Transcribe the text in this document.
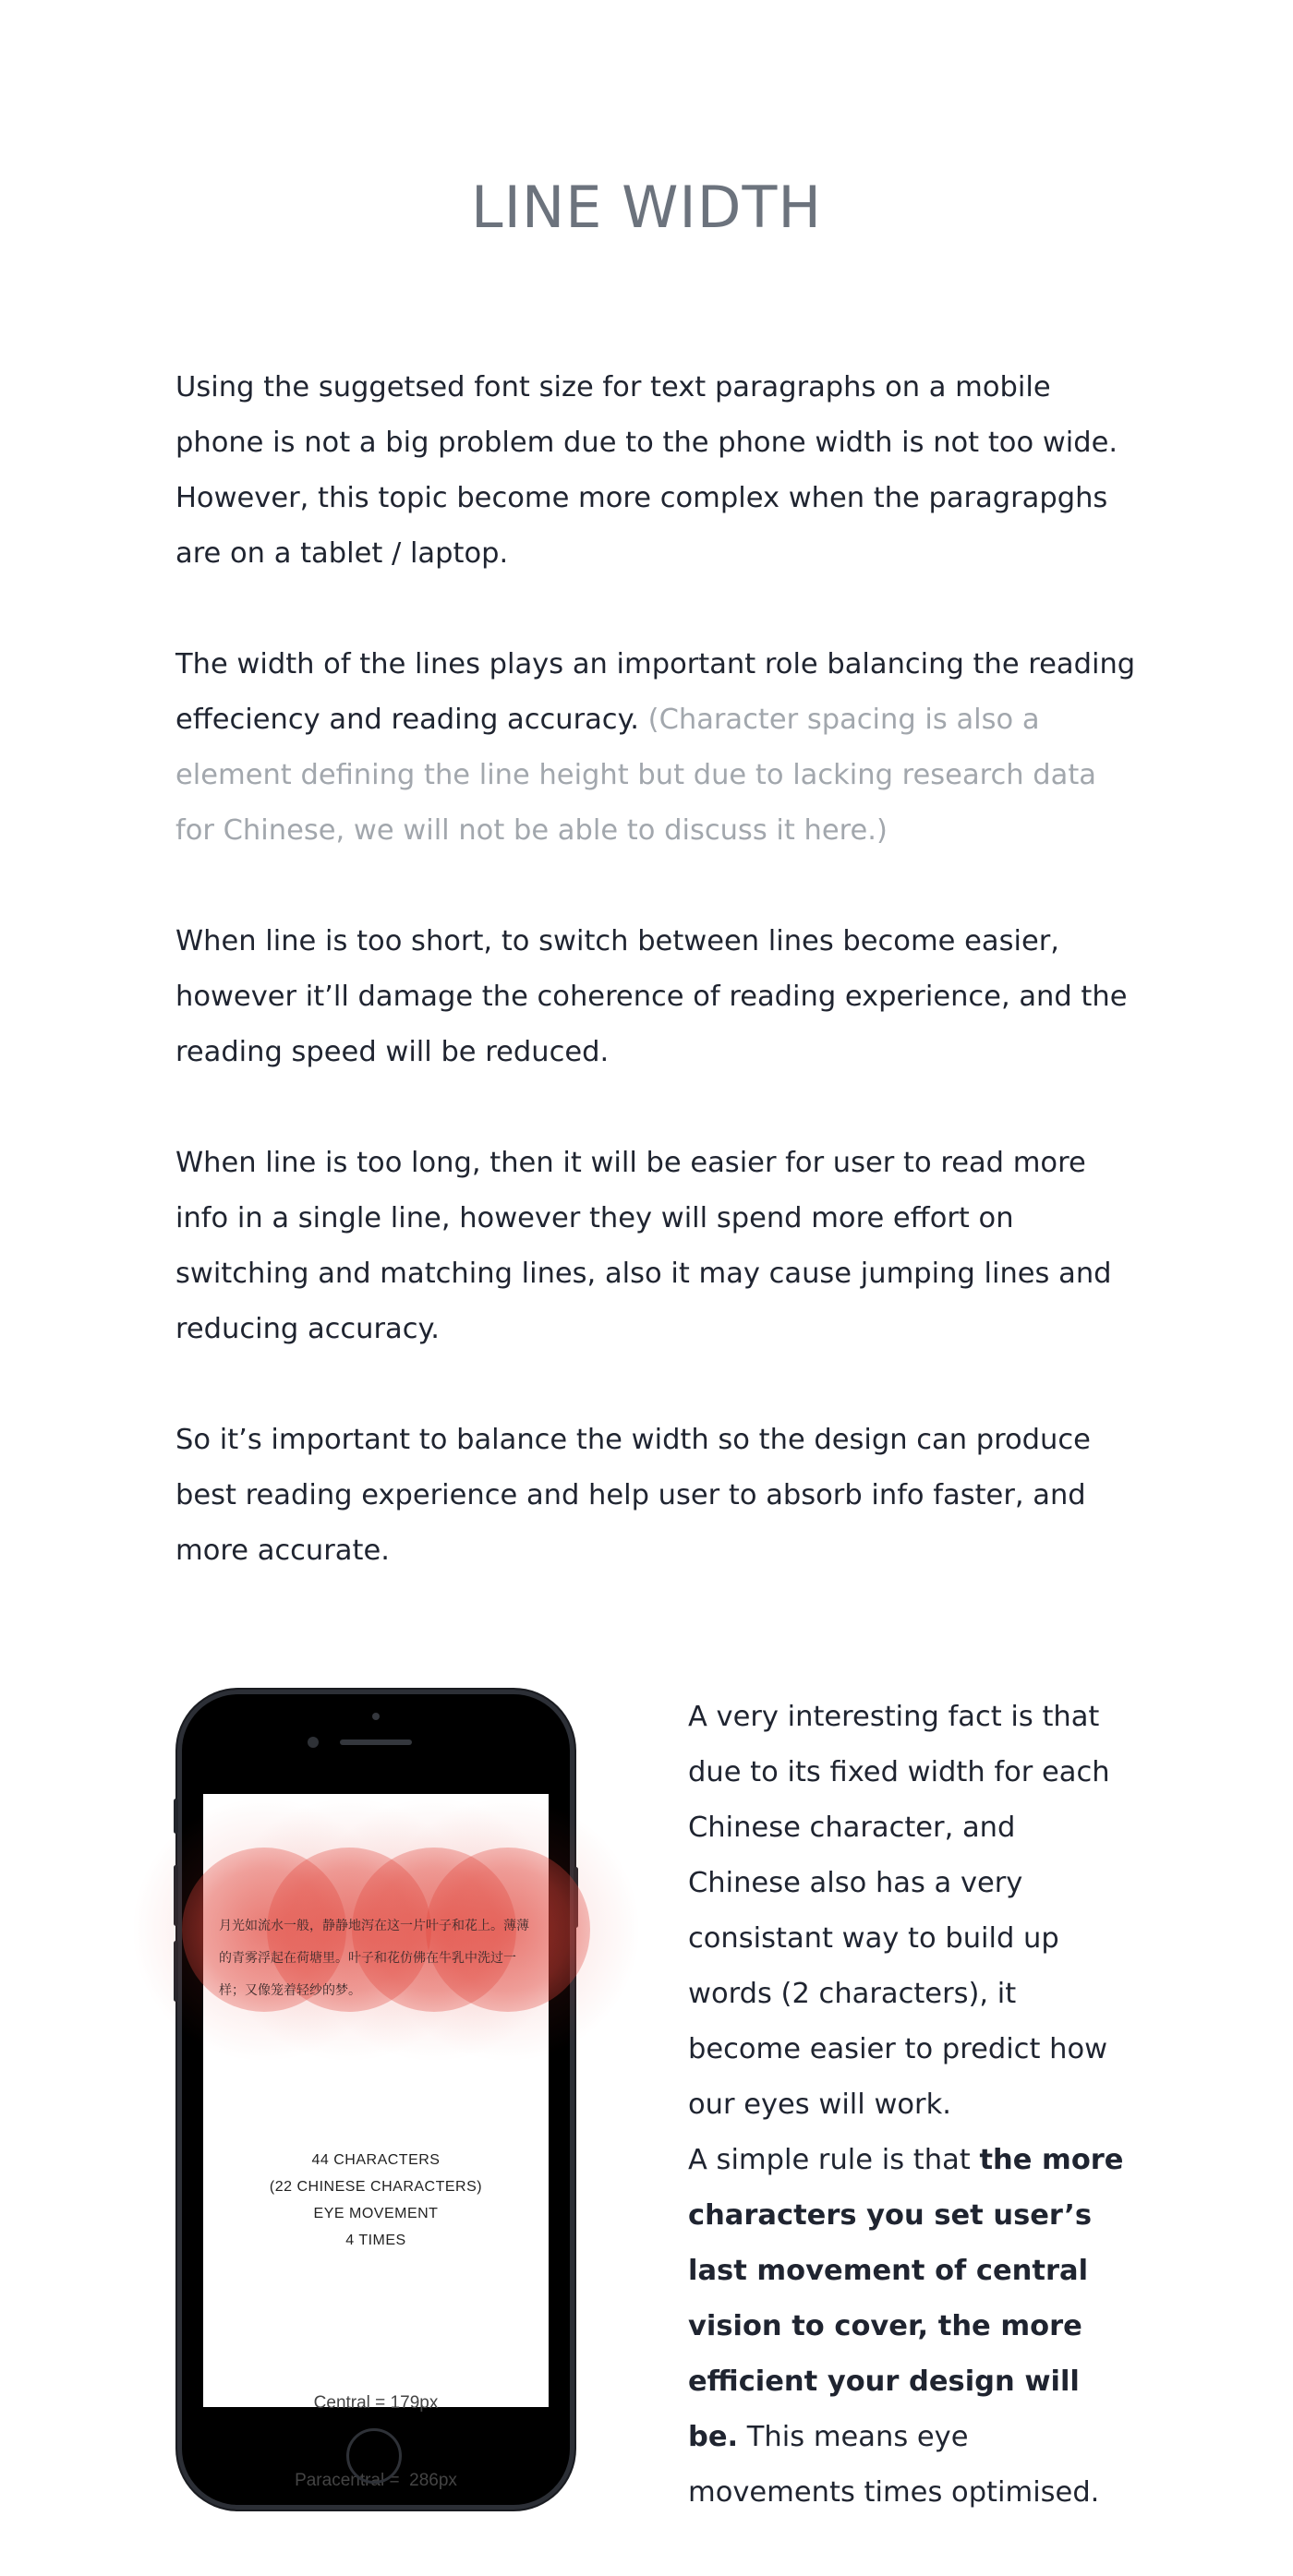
LINE WIDTH

Using the suggetsed font size for text paragraphs on a mobile phone is not a big problem due to the phone width is not too wide. However, this topic become more complex when the paragrapghs are on a tablet / laptop.

The width of the lines plays an important role balancing the reading effeciency and reading accuracy. (Character spacing is also a element defining the line height but due to lacking research data for Chinese, we will not be able to discuss it here.)

When line is too short, to switch between lines become easier, however it’ll damage the coherence of reading experience, and the reading speed will be reduced.

When line is too long, then it will be easier for user to read more info in a single line, however they will spend more effort on switching and matching lines, also it may cause jumping lines and reducing accuracy.

So it’s important to balance the width so the design can produce best reading experience and help user to absorb info faster, and more accurate.

月光如流水一般，静静地泻在这一片叶子和花上。薄薄的青雾浮起在荷塘里。叶子和花仿佛在牛乳中洗过一样；又像笼着轻纱的梦。

44 CHARACTERS
(22 CHINESE CHARACTERS)
EYE MOVEMENT
4 TIMES

Central = 179px

Paracentral =  286px

A very interesting fact is that due to its fixed width for each Chinese character, and Chinese also has a very consistant way to build up words (2 characters), it become easier to predict how our eyes will work.

A simple rule is that the more characters you set user’s last movement of central vision to cover, the more efficient your design will be. This means eye movements times optimised.
